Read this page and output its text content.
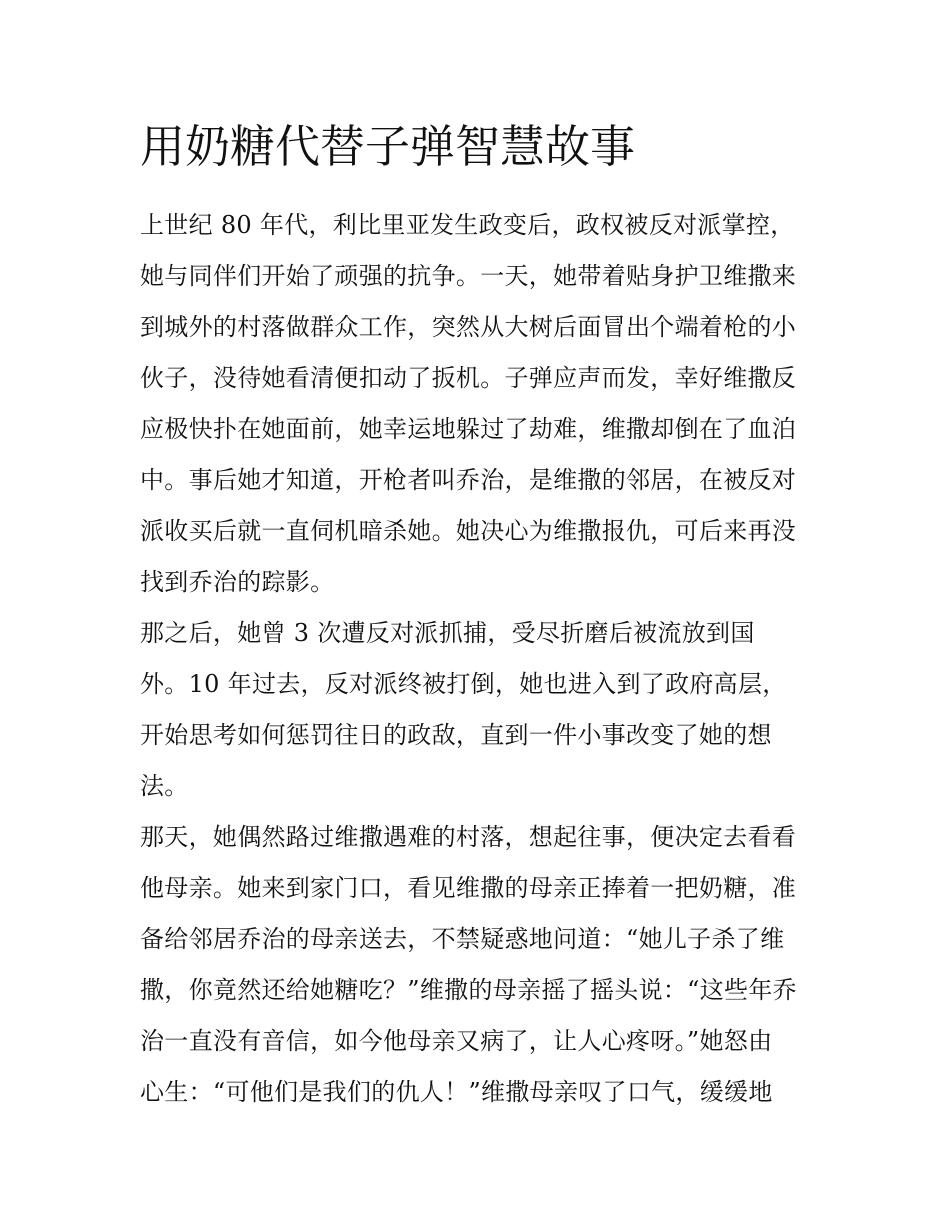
用奶糖代替子弹智慧故事
上世纪 80 年代，利比里亚发生政变后，政权被反对派掌控，
她与同伴们开始了顽强的抗争。一天，她带着贴身护卫维撒来
到城外的村落做群众工作，突然从大树后面冒出个端着枪的小
伙子，没待她看清便扣动了扳机。子弹应声而发，幸好维撒反
应极快扑在她面前，她幸运地躲过了劫难，维撒却倒在了血泊
中。事后她才知道，开枪者叫乔治，是维撒的邻居，在被反对
派收买后就一直伺机暗杀她。她决心为维撒报仇，可后来再没
找到乔治的踪影。
那之后，她曾 3 次遭反对派抓捕，受尽折磨后被流放到国
外。10 年过去，反对派终被打倒，她也进入到了政府高层，
开始思考如何惩罚往日的政敌，直到一件小事改变了她的想
法。
那天，她偶然路过维撒遇难的村落，想起往事，便决定去看看
他母亲。她来到家门口，看见维撒的母亲正捧着一把奶糖，准
备给邻居乔治的母亲送去，不禁疑惑地问道：“她儿子杀了维
撒，你竟然还给她糖吃？”维撒的母亲摇了摇头说：“这些年乔
治一直没有音信，如今他母亲又病了，让人心疼呀。”她怒由
心生：“可他们是我们的仇人！”维撒母亲叹了口气，缓缓地
